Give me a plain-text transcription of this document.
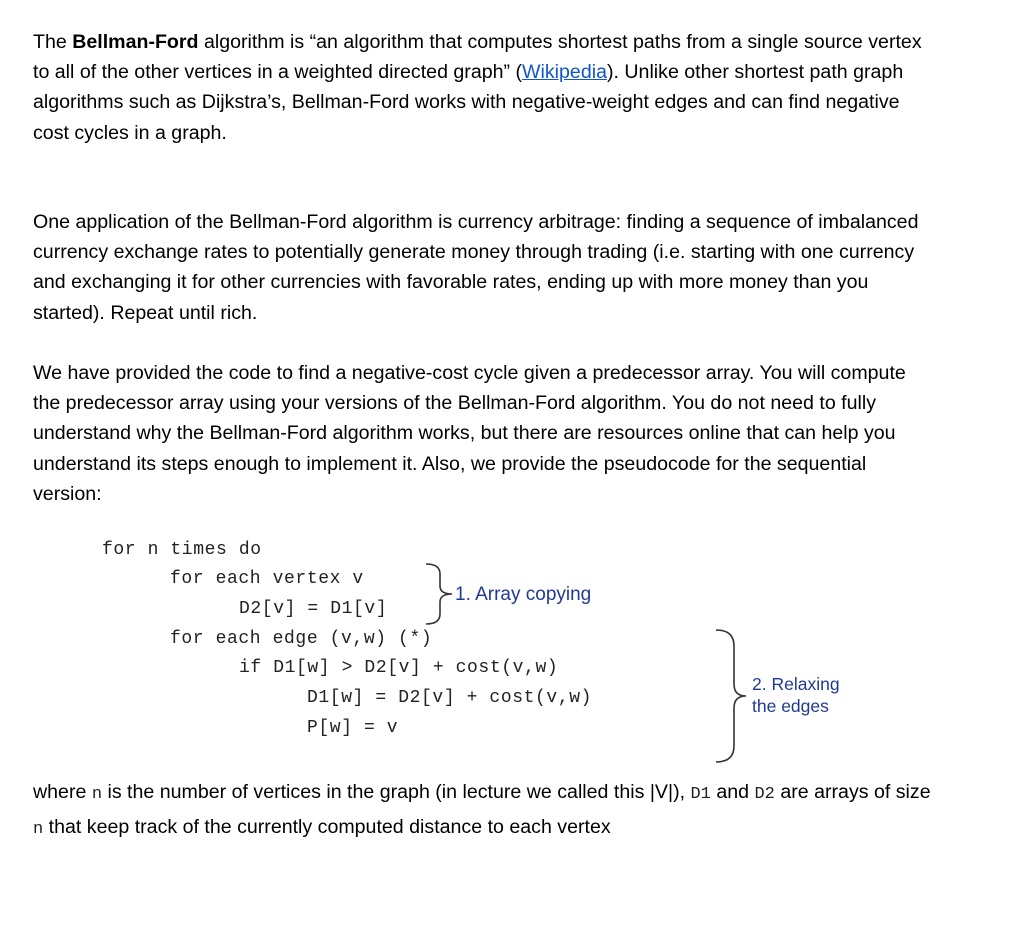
The Bellman-Ford algorithm is “an algorithm that computes shortest paths from a single source vertex to all of the other vertices in a weighted directed graph” (Wikipedia). Unlike other shortest path graph algorithms such as Dijkstra’s, Bellman-Ford works with negative-weight edges and can find negative cost cycles in a graph.

One application of the Bellman-Ford algorithm is currency arbitrage: finding a sequence of imbalanced currency exchange rates to potentially generate money through trading (i.e. starting with one currency and exchanging it for other currencies with favorable rates, ending up with more money than you started). Repeat until rich.

We have provided the code to find a negative-cost cycle given a predecessor array. You will compute the predecessor array using your versions of the Bellman-Ford algorithm. You do not need to fully understand why the Bellman-Ford algorithm works, but there are resources online that can help you understand its steps enough to implement it. Also, we provide the pseudocode for the sequential version:

for n times do
for each vertex v
D2[v] = D1[v]
for each edge (v,w) (*)
if D1[w] > D2[v] + cost(v,w)
D1[w] = D2[v] + cost(v,w)
P[w] = v
1. Array copying
2. Relaxing
the edges

where n is the number of vertices in the graph (in lecture we called this |V|), D1 and D2 are arrays of size n that keep track of the currently computed distance to each vertex
